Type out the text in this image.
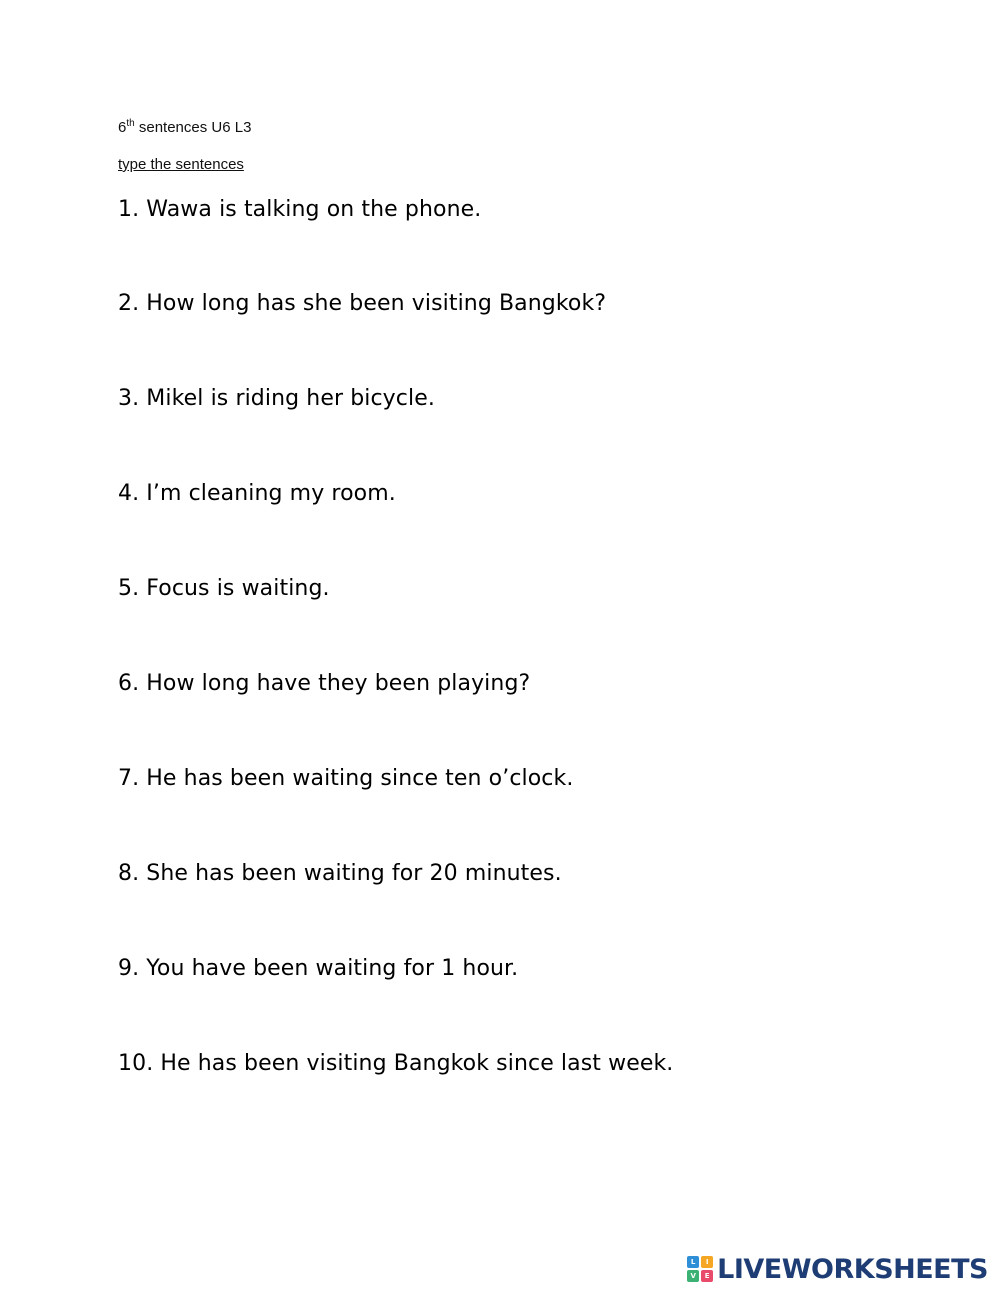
6th sentences U6 L3
type the sentences
1. Wawa is talking on the phone.
2. How long has she been visiting Bangkok?
3. Mikel is riding her bicycle.
4. I’m cleaning my room.
5. Focus is waiting.
6. How long have they been playing?
7. He has been waiting since ten o’clock.
8. She has been waiting for 20 minutes.
9. You have been waiting for 1 hour.
10. He has been visiting Bangkok since last week.
L	I
V	E LIVEWORKSHEETS
